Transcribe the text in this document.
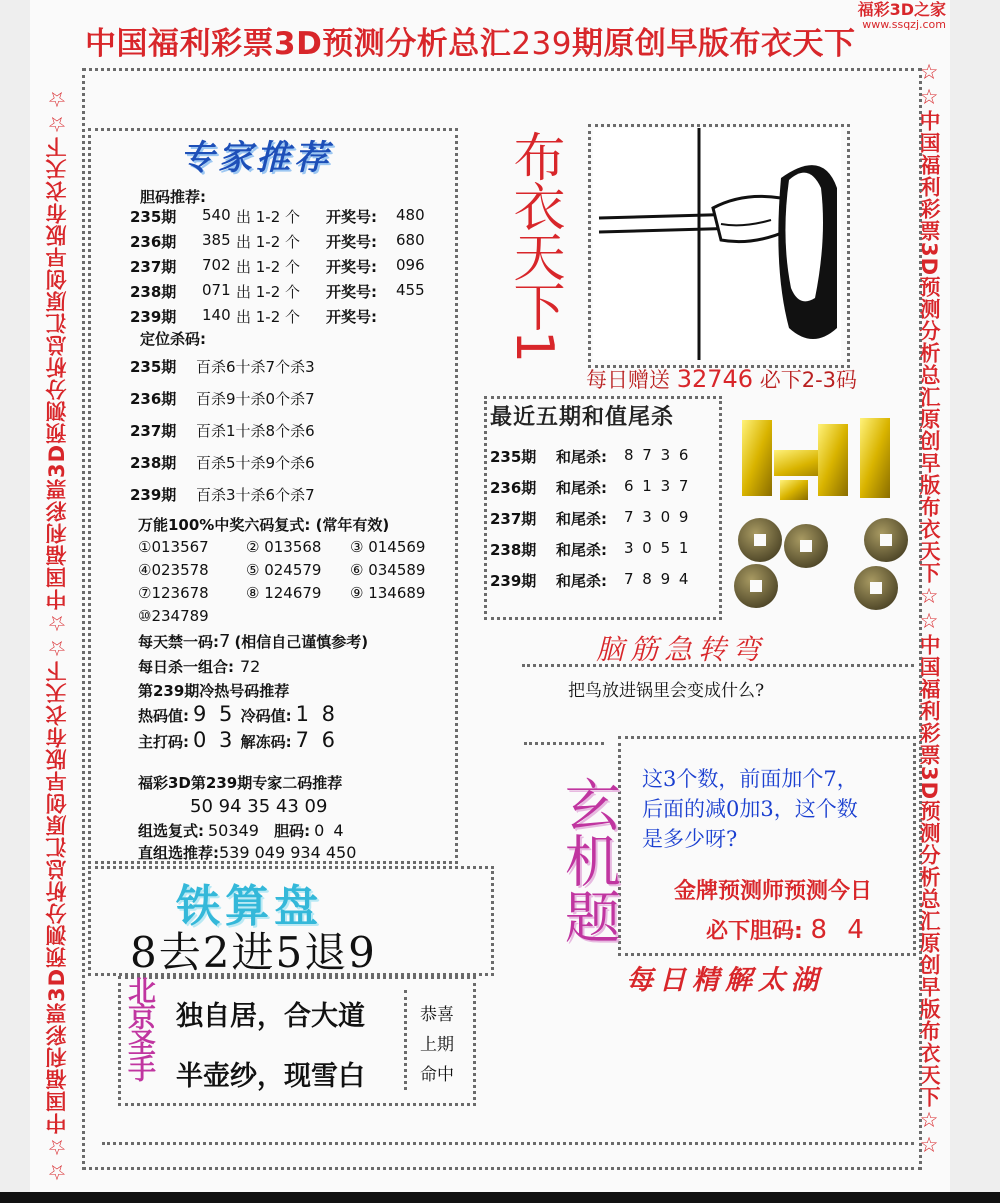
中国福利彩票3D预测分析总汇239期原创早版布衣天下
福彩3D之家
www.ssqzj.com
☆☆中国福利彩票3D预测分析总汇原创早版布衣天下☆☆中国福利彩票3D预测分析总汇原创早版布衣天下☆☆	☆☆中国福利彩票3D预测分析总汇原创早版布衣天下☆☆中国福利彩票3D预测分析总汇原创早版布衣天下☆☆
专家推荐
胆码推荐:
235期 540 出 1-2 个 开奖号: 480
236期 385 出 1-2 个 开奖号: 680
237期 702 出 1-2 个 开奖号: 096
238期 071 出 1-2 个 开奖号: 455
239期 140 出 1-2 个 开奖号:
定位杀码:
235期 百杀6十杀7个杀3
236期 百杀9十杀0个杀7
237期 百杀1十杀8个杀6
238期 百杀5十杀9个杀6
239期 百杀3十杀6个杀7
万能100%中奖六码复式: (常年有效)
①013567 ② 013568 ③ 014569
④023578 ⑤ 024579 ⑥ 034589
⑦123678 ⑧ 124679 ⑨ 134689
⑩234789
每天禁一码:7 (相信自己谨慎参考)
每日杀一组合: 72
第239期冷热号码推荐
热码值: 9 5 冷码值: 1 8
主打码: 0 3 解冻码: 7 6
福彩3D第239期专家二码推荐
50 94 35 43 09
组选复式: 50349 胆码: 0 4
直组选推荐:539 049 934 450
铁算盘
8去2进5退9
北京圣手 独自居，合大道
半壶纱，现雪白
恭喜
上期
命中
布衣天下1
每日赠送 32746 必下2-3码
最近五期和值尾杀
235期 和尾杀: 8 7 3 6
236期 和尾杀: 6 1 3 7
237期 和尾杀: 7 3 0 9
238期 和尾杀: 3 0 5 1
239期 和尾杀: 7 8 9 4
脑筋急转弯
把鸟放进锅里会变成什么?
玄机题 这3个数，前面加个7，
后面的减0加3，这个数
是多少呀?
金牌预测师预测今日
必下胆码: 8 4
每日精解太湖
